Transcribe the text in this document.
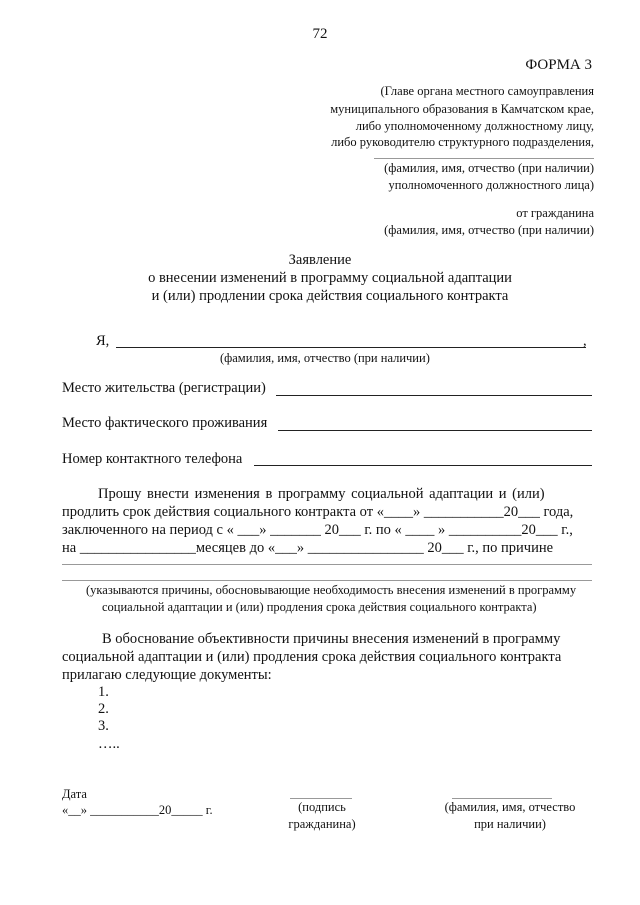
72
ФОРМА 3
(Главе органа местного самоуправления
муниципального образования в Камчатском крае,
либо уполномоченному должностному лицу,
либо руководителю структурного подразделения,
(фамилия, имя, отчество (при наличии)
уполномоченного должностного лица)
от гражданина
(фамилия, имя, отчество (при наличии)
Заявление
о внесении изменений в программу социальной адаптации
и (или) продлении срока действия социального контракта
Я,	,
(фамилия, имя, отчество (при наличии)
Место жительства (регистрации)
Место фактического проживания
Номер контактного телефона
Прошу внести изменения в программу социальной адаптации и (или)
продлить срок действия социального контракта от «____» ___________20___ года,
заключенного на период с « ___» _______ 20___ г. по « ____ » __________20___ г.,
на ________________месяцев до «___» ________________ 20___ г., по причине
(указываются причины, обосновывающие необходимость внесения изменений в программу
социальной адаптации и (или) продления срока действия социального контракта)
В обоснование объективности причины внесения изменений в программу
социальной адаптации и (или) продления срока действия социального контракта
прилагаю следующие документы:
1.
2.
3.
…..
Дата
«__» ___________20_____ г.	(подпись
гражданина)
(фамилия, имя, отчество
при наличии)
